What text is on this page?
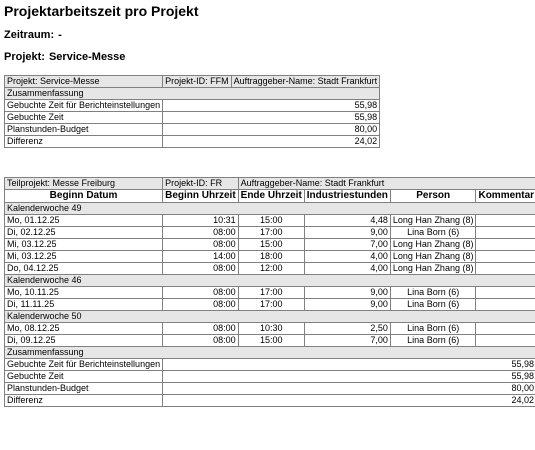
Projektarbeitszeit pro Projekt
Zeitraum: -
Projekt: Service-Messe
Projekt: Service-Messe	Projekt-ID: FFM	Auftraggeber-Name: Stadt Frankfurt
Zusammenfassung		
Gebuchte Zeit für Berichteinstellungen	55,98	
Gebuchte Zeit	55,98	
Planstunden-Budget	80,00	
Differenz	24,02	
Teilprojekt: Messe Freiburg	Projekt-ID: FR	Auftraggeber-Name: Stadt Frankfurt			
Beginn Datum	Beginn Uhrzeit	Ende Uhrzeit	Industriestunden	Person	Kommentar
Kalenderwoche 49					
Mo, 01.12.25	10:31	15:00	4,48	Long Han Zhang (8)	
Di, 02.12.25	08:00	17:00	9,00	Lina Born (6)	
Mi, 03.12.25	08:00	15:00	7,00	Long Han Zhang (8)	
Mi, 03.12.25	14:00	18:00	4,00	Long Han Zhang (8)	
Do, 04.12.25	08:00	12:00	4,00	Long Han Zhang (8)	
Kalenderwoche 46					
Mo, 10.11.25	08:00	17:00	9,00	Lina Born (6)	
Di, 11.11.25	08:00	17:00	9,00	Lina Born (6)	
Kalenderwoche 50					
Mo, 08.12.25	08:00	10:30	2,50	Lina Born (6)	
Di, 09.12.25	08:00	15:00	7,00	Lina Born (6)	
Zusammenfassung					
Gebuchte Zeit für Berichteinstellungen	55,98				
Gebuchte Zeit	55,98				
Planstunden-Budget	80,00				
Differenz	24,02				
